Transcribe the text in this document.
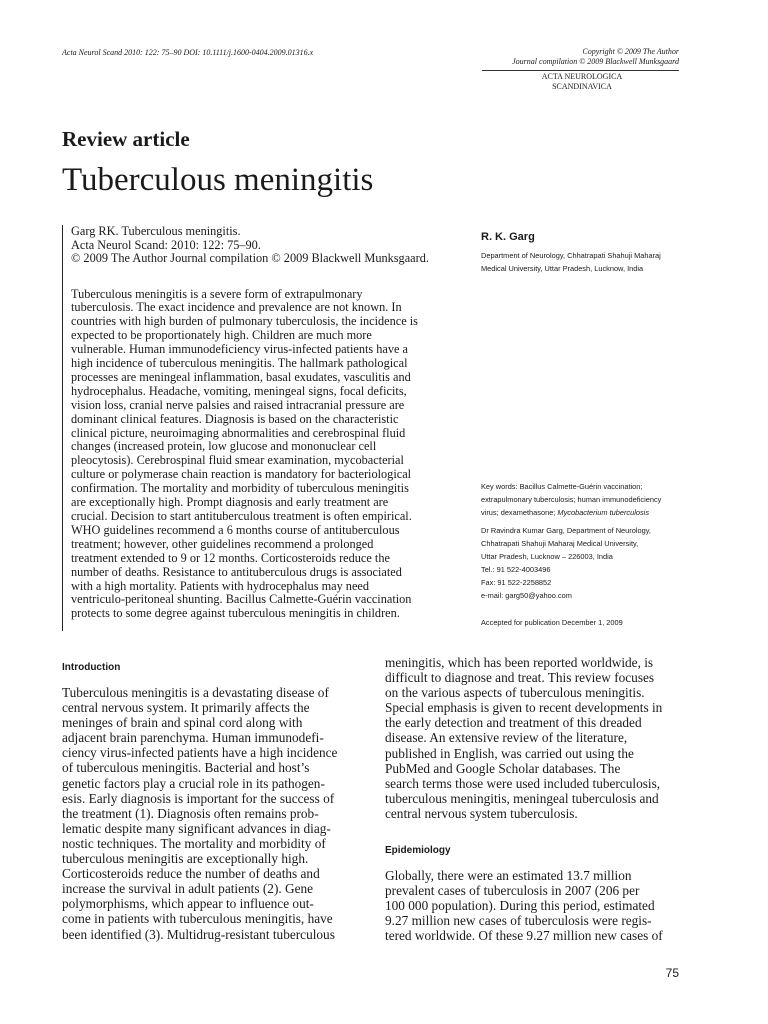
Acta Neurol Scand 2010: 122: 75–90 DOI: 10.1111/j.1600-0404.2009.01316.x	Copyright © 2009 The Author
Journal compilation © 2009 Blackwell Munksgaard
ACTA NEUROLOGICA
SCANDINAVICA
Review article
Tuberculous meningitis
Garg RK. Tuberculous meningitis.
Acta Neurol Scand: 2010: 122: 75–90.
© 2009 The Author Journal compilation © 2009 Blackwell Munksgaard.
Tuberculous meningitis is a severe form of extrapulmonary
tuberculosis. The exact incidence and prevalence are not known. In
countries with high burden of pulmonary tuberculosis, the incidence is
expected to be proportionately high. Children are much more
vulnerable. Human immunodeficiency virus-infected patients have a
high incidence of tuberculous meningitis. The hallmark pathological
processes are meningeal inflammation, basal exudates, vasculitis and
hydrocephalus. Headache, vomiting, meningeal signs, focal deficits,
vision loss, cranial nerve palsies and raised intracranial pressure are
dominant clinical features. Diagnosis is based on the characteristic
clinical picture, neuroimaging abnormalities and cerebrospinal fluid
changes (increased protein, low glucose and mononuclear cell
pleocytosis). Cerebrospinal fluid smear examination, mycobacterial
culture or polymerase chain reaction is mandatory for bacteriological
confirmation. The mortality and morbidity of tuberculous meningitis
are exceptionally high. Prompt diagnosis and early treatment are
crucial. Decision to start antituberculous treatment is often empirical.
WHO guidelines recommend a 6 months course of antituberculous
treatment; however, other guidelines recommend a prolonged
treatment extended to 9 or 12 months. Corticosteroids reduce the
number of deaths. Resistance to antituberculous drugs is associated
with a high mortality. Patients with hydrocephalus may need
ventriculo-peritoneal shunting. Bacillus Calmette-Guérin vaccination
protects to some degree against tuberculous meningitis in children.
R. K. Garg
Department of Neurology, Chhatrapati Shahuji Maharaj
Medical University, Uttar Pradesh, Lucknow, India
Key words: Bacillus Calmette-Guérin vaccination;
extrapulmonary tuberculosis; human immunodeficiency
virus; dexamethasone; Mycobacterium tuberculosis
Dr Ravindra Kumar Garg, Department of Neurology,
Chhatrapati Shahuji Maharaj Medical University,
Uttar Pradesh, Lucknow – 226003, India
Tel.: 91 522-4003496
Fax: 91 522-2258852
e-mail: garg50@yahoo.com
Accepted for publication December 1, 2009
Introduction
Tuberculous meningitis is a devastating disease of
central nervous system. It primarily affects the
meninges of brain and spinal cord along with
adjacent brain parenchyma. Human immunodefi-
ciency virus-infected patients have a high incidence
of tuberculous meningitis. Bacterial and host’s
genetic factors play a crucial role in its pathogen-
esis. Early diagnosis is important for the success of
the treatment (1). Diagnosis often remains prob-
lematic despite many significant advances in diag-
nostic techniques. The mortality and morbidity of
tuberculous meningitis are exceptionally high.
Corticosteroids reduce the number of deaths and
increase the survival in adult patients (2). Gene
polymorphisms, which appear to influence out-
come in patients with tuberculous meningitis, have
been identified (3). Multidrug-resistant tuberculous
meningitis, which has been reported worldwide, is
difficult to diagnose and treat. This review focuses
on the various aspects of tuberculous meningitis.
Special emphasis is given to recent developments in
the early detection and treatment of this dreaded
disease. An extensive review of the literature,
published in English, was carried out using the
PubMed and Google Scholar databases. The
search terms those were used included tuberculosis,
tuberculous meningitis, meningeal tuberculosis and
central nervous system tuberculosis.
Epidemiology
Globally, there were an estimated 13.7 million
prevalent cases of tuberculosis in 2007 (206 per
100 000 population). During this period, estimated
9.27 million new cases of tuberculosis were regis-
tered worldwide. Of these 9.27 million new cases of
75
